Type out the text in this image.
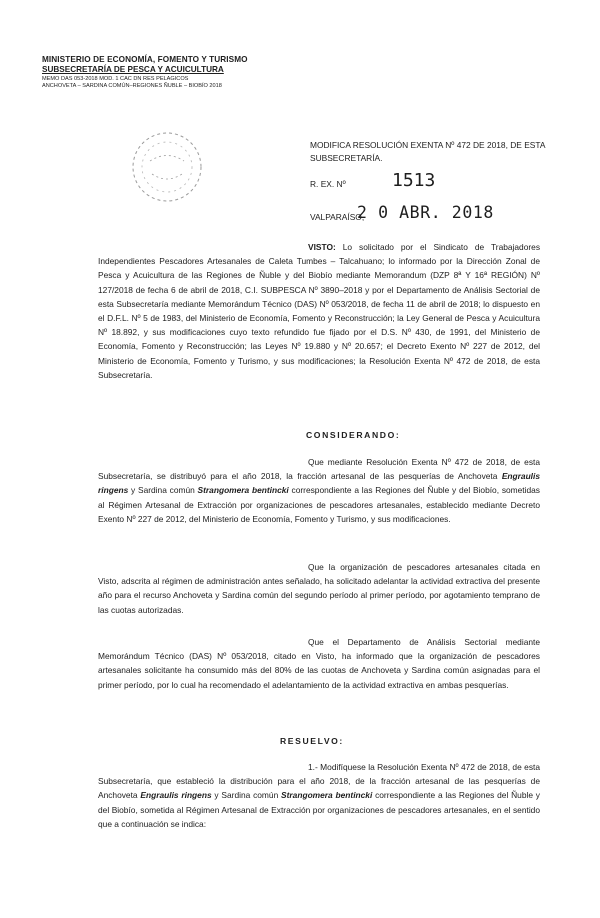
MINISTERIO DE ECONOMÍA, FOMENTO Y TURISMO
SUBSECRETARÍA DE PESCA Y ACUICULTURA
MEMO DAS 053-2018 MOD. 1 CAC DN RES PELAGICOS
ANCHOVETA – SARDINA COMÚN–REGIONES ÑUBLE – BIOBÍO 2018
MODIFICA RESOLUCIÓN EXENTA Nº 472 DE 2018, DE ESTA SUBSECRETARÍA.
R. EX. Nº	1513
VALPARAÍSO,
2 0 ABR. 2018
VISTO: Lo solicitado por el Sindicato de Trabajadores Independientes Pescadores Artesanales de Caleta Tumbes – Talcahuano; lo informado por la Dirección Zonal de Pesca y Acuicultura de las Regiones de Ñuble y del Biobío mediante Memorandum (DZP 8ª Y 16ª REGIÓN) Nº 127/2018 de fecha 6 de abril de 2018, C.I. SUBPESCA Nº 3890–2018 y por el Departamento de Análisis Sectorial de esta Subsecretaría mediante Memorándum Técnico (DAS) Nº 053/2018, de fecha 11 de abril de 2018; lo dispuesto en el D.F.L. Nº 5 de 1983, del Ministerio de Economía, Fomento y Reconstrucción; la Ley General de Pesca y Acuicultura Nº 18.892, y sus modificaciones cuyo texto refundido fue fijado por el D.S. Nº 430, de 1991, del Ministerio de Economía, Fomento y Reconstrucción; las Leyes Nº 19.880 y Nº 20.657; el Decreto Exento Nº 227 de 2012, del Ministerio de Economía, Fomento y Turismo, y sus modificaciones; la Resolución Exenta Nº 472 de 2018, de esta Subsecretaría.
CONSIDERANDO:
Que mediante Resolución Exenta Nº 472 de 2018, de esta Subsecretaría, se distribuyó para el año 2018, la fracción artesanal de las pesquerías de Anchoveta Engraulis ringens y Sardina común Strangomera bentincki correspondiente a las Regiones del Ñuble y del Biobío, sometidas al Régimen Artesanal de Extracción por organizaciones de pescadores artesanales, establecido mediante Decreto Exento Nº 227 de 2012, del Ministerio de Economía, Fomento y Turismo, y sus modificaciones.
Que la organización de pescadores artesanales citada en Visto, adscrita al régimen de administración antes señalado, ha solicitado adelantar la actividad extractiva del presente año para el recurso Anchoveta y Sardina común del segundo período al primer período, por agotamiento temprano de las cuotas autorizadas.
Que el Departamento de Análisis Sectorial mediante Memorándum Técnico (DAS) Nº 053/2018, citado en Visto, ha informado que la organización de pescadores artesanales solicitante ha consumido más del 80% de las cuotas de Anchoveta y Sardina común asignadas para el primer período, por lo cual ha recomendado el adelantamiento de la actividad extractiva en ambas pesquerías.
RESUELVO:
1.- Modifíquese la Resolución Exenta Nº 472 de 2018, de esta Subsecretaría, que estableció la distribución para el año 2018, de la fracción artesanal de las pesquerías de Anchoveta Engraulis ringens y Sardina común Strangomera bentincki correspondiente a las Regiones del Ñuble y del Biobío, sometida al Régimen Artesanal de Extracción por organizaciones de pescadores artesanales, en el sentido que a continuación se indica:
